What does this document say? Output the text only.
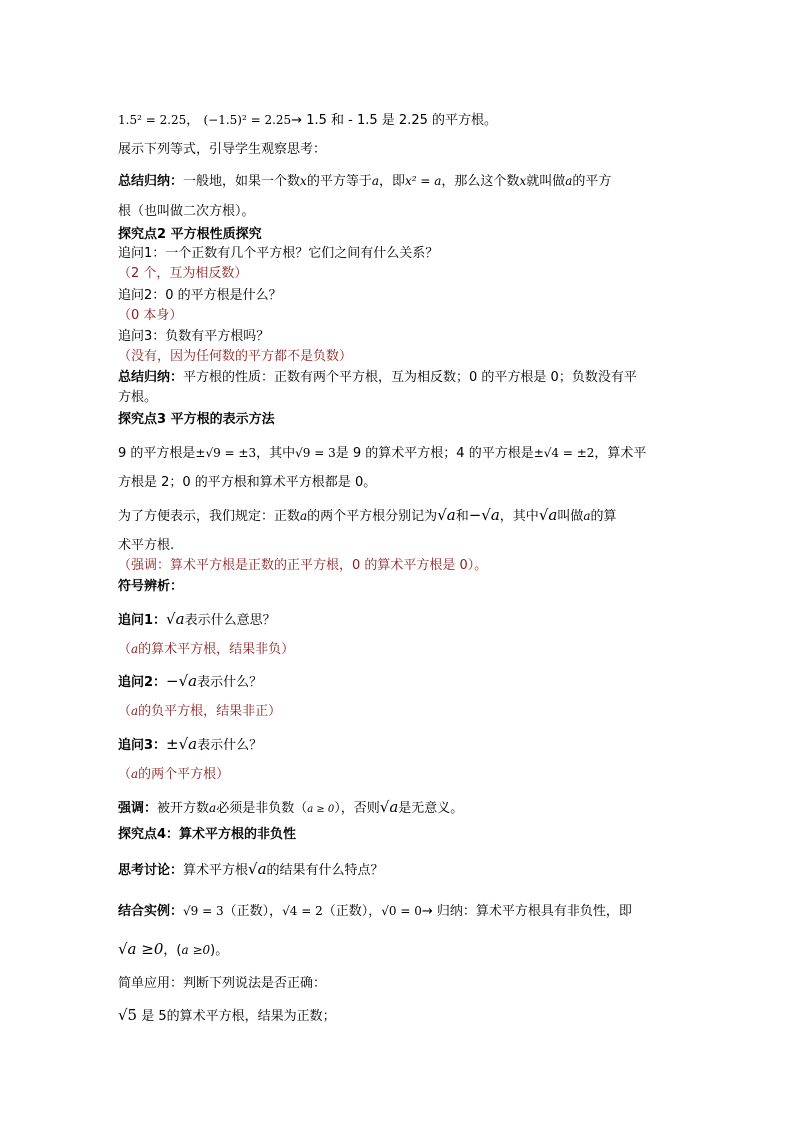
1.5² = 2.25， (−1.5)² = 2.25→ 1.5 和 - 1.5 是 2.25 的平方根。
展示下列等式，引导学生观察思考：
总结归纳：一般地，如果一个数x的平方等于a，即x² = a，那么这个数x就叫做a的平方
根（也叫做二次方根）。
探究点2 平方根性质探究
追问1：一个正数有几个平方根？它们之间有什么关系？
（2 个，互为相反数）
追问2：0 的平方根是什么？
（0 本身）
追问3：负数有平方根吗？
（没有，因为任何数的平方都不是负数）
总结归纳：平方根的性质：正数有两个平方根，互为相反数；0 的平方根是 0；负数没有平
方根。
探究点3 平方根的表示方法
9 的平方根是±√9 = ±3，其中√9 = 3是 9 的算术平方根；4 的平方根是±√4 = ±2，算术平
方根是 2；0 的平方根和算术平方根都是 0。
为了方便表示，我们规定：正数a的两个平方根分别记为√a和−√a，其中√a叫做a的算
术平方根.
（强调：算术平方根是正数的正平方根，0 的算术平方根是 0）。
符号辨析：
追问1：√a表示什么意思？
（a的算术平方根，结果非负）
追问2：−√a表示什么？
（a的负平方根，结果非正）
追问3：±√a表示什么？
（a的两个平方根）
强调：被开方数a必须是非负数（a ≥ 0），否则√a是无意义。
探究点4：算术平方根的非负性
思考讨论：算术平方根√a的结果有什么特点？
结合实例：√9 = 3（正数），√4 = 2（正数），√0 = 0→ 归纳：算术平方根具有非负性，即
√a ≥0，(a ≥0)。
简单应用：判断下列说法是否正确：
√5 是 5的算术平方根，结果为正数；
